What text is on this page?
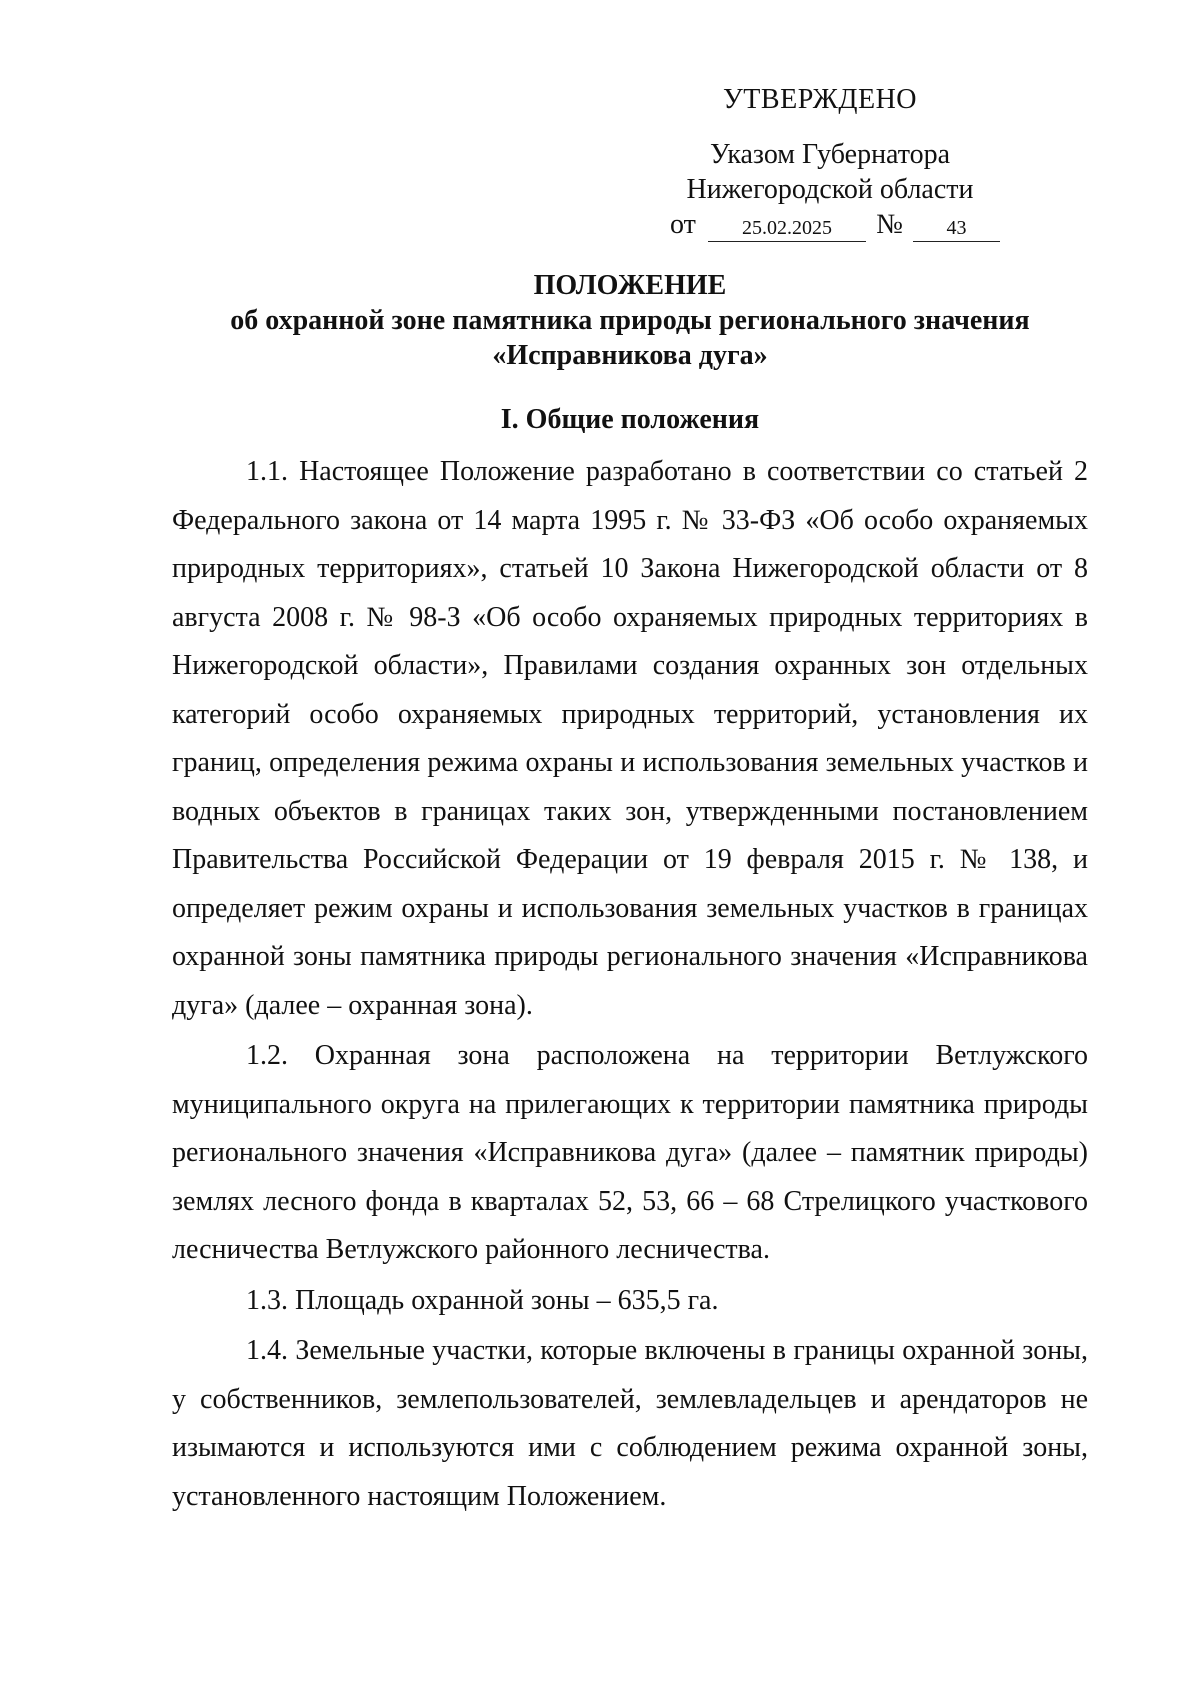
УТВЕРЖДЕНО
Указом Губернатора
Нижегородской области
от	25.02.2025	№	43
ПОЛОЖЕНИЕ
об охранной зоне памятника природы регионального значения
«Исправникова дуга»
I. Общие положения

1.1. Настоящее Положение разработано в соответствии со статьей 2 Федерального закона от 14 марта 1995 г. № 33-ФЗ «Об особо охраняемых природных территориях», статьей 10 Закона Нижегородской области от 8 августа 2008 г. № 98-З «Об особо охраняемых природных территориях в Нижегородской области», Правилами создания охранных зон отдельных категорий особо охраняемых природных территорий, установления их границ, определения режима охраны и использования земельных участков и водных объектов в границах таких зон, утвержденными постановлением Правительства Российской Федерации от 19 февраля 2015 г. № 138, и определяет режим охраны и использования земельных участков в границах охранной зоны памятника природы регионального значения «Исправникова дуга» (далее – охранная зона).

1.2. Охранная зона расположена на территории Ветлужского муниципального округа на прилегающих к территории памятника природы регионального значения «Исправникова дуга» (далее – памятник природы) землях лесного фонда в кварталах 52, 53, 66 – 68 Стрелицкого участкового лесничества Ветлужского районного лесничества.

1.3. Площадь охранной зоны – 635,5 га.

1.4. Земельные участки, которые включены в границы охранной зоны, у собственников, землепользователей, землевладельцев и арендаторов не изымаются и используются ими с соблюдением режима охранной зоны, установленного настоящим Положением.
